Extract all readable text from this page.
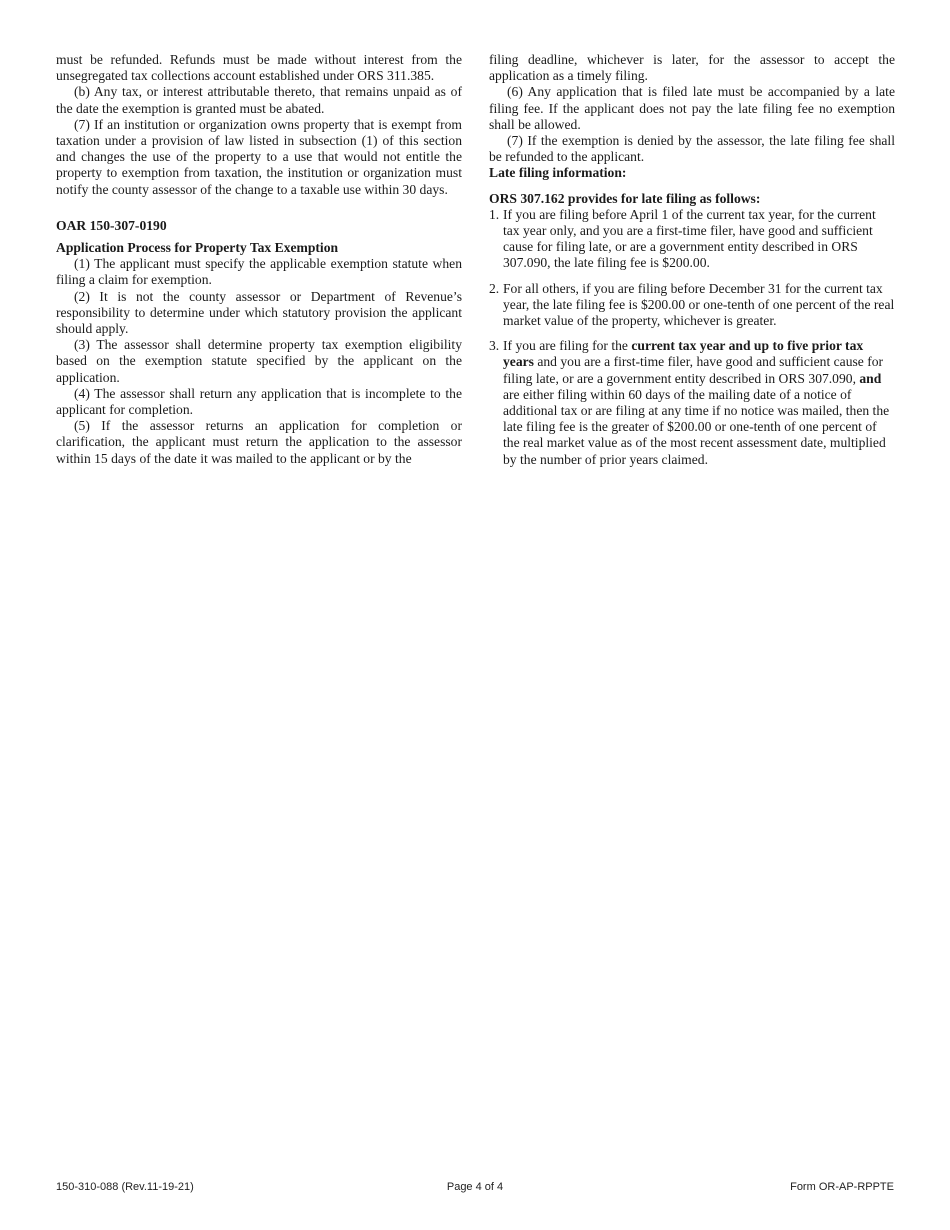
must be refunded. Refunds must be made without interest from the unsegregated tax collections account established under ORS 311.385.

(b) Any tax, or interest attributable thereto, that remains unpaid as of the date the exemption is granted must be abated.

(7) If an institution or organization owns property that is exempt from taxation under a provision of law listed in subsection (1) of this section and changes the use of the property to a use that would not entitle the property to exemption from taxation, the institution or organization must notify the county assessor of the change to a taxable use within 30 days.

OAR 150-307-0190

Application Process for Property Tax Exemption

(1) The applicant must specify the applicable exemption statute when filing a claim for exemption.

(2) It is not the county assessor or Department of Revenue’s responsibility to determine under which statutory provision the applicant should apply.

(3) The assessor shall determine property tax exemption eligibility based on the exemption statute specified by the applicant on the application.

(4) The assessor shall return any application that is incomplete to the applicant for completion.

(5) If the assessor returns an application for completion or clarification, the applicant must return the application to the assessor within 15 days of the date it was mailed to the applicant or by the

filing deadline, whichever is later, for the assessor to accept the application as a timely filing.

(6) Any application that is filed late must be accompanied by a late filing fee. If the applicant does not pay the late filing fee no exemption shall be allowed.

(7) If the exemption is denied by the assessor, the late filing fee shall be refunded to the applicant.

Late filing information:

ORS 307.162 provides for late filing as follows:

1. If you are filing before April 1 of the current tax year, for the current tax year only, and you are a first-time filer, have good and sufficient cause for filing late, or are a government entity described in ORS 307.090, the late filing fee is $200.00.
2. For all others, if you are filing before December 31 for the current tax year, the late filing fee is $200.00 or one-tenth of one percent of the real market value of the property, whichever is greater.
3. If you are filing for the current tax year and up to five prior tax years and you are a first-time filer, have good and sufficient cause for filing late, or are a government entity described in ORS 307.090, and are either filing within 60 days of the mailing date of a notice of additional tax or are filing at any time if no notice was mailed, then the late filing fee is the greater of $200.00 or one-tenth of one percent of the real market value as of the most recent assessment date, multiplied by the number of prior years claimed.
150-310-088 (Rev.11-19-21)	Page 4 of 4	Form OR-AP-RPPTE
